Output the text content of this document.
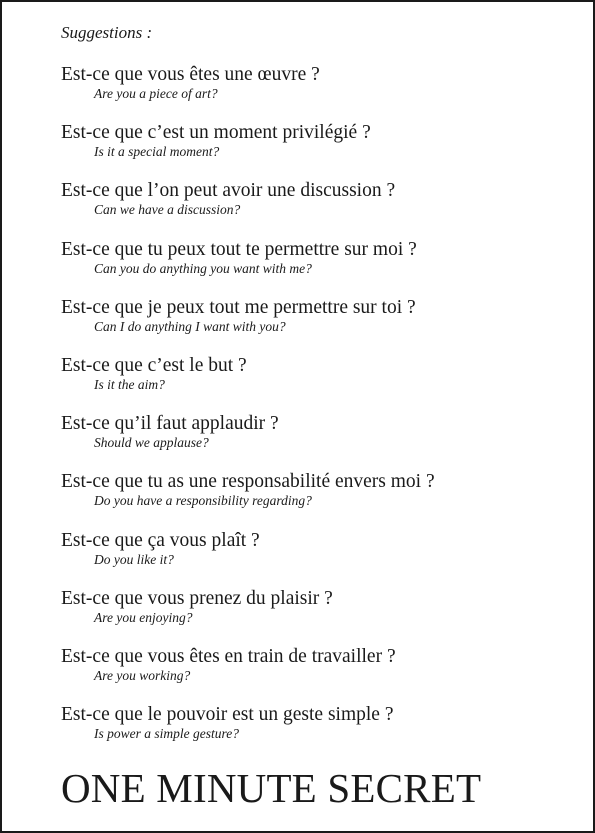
Suggestions :

Est-ce que vous êtes une œuvre ?
Are you a piece of art?
Est-ce que c’est un moment privilégié ?
Is it a special moment?
Est-ce que l’on peut avoir une discussion ?
Can we have a discussion?
Est-ce que tu peux tout te permettre sur moi ?
Can you do anything you want with me?
Est-ce que je peux tout me permettre sur toi ?
Can I do anything I want with you?
Est-ce que c’est le but ?
Is it the aim?
Est-ce qu’il faut applaudir ?
Should we applause?
Est-ce que tu as une responsabilité envers moi ?
Do you have a responsibility regarding?
Est-ce que ça vous plaît ?
Do you like it?
Est-ce que vous prenez du plaisir ?
Are you enjoying?
Est-ce que vous êtes en train de travailler ?
Are you working?
Est-ce que le pouvoir est un geste simple ?
Is power a simple gesture?
ONE MINUTE SECRET
